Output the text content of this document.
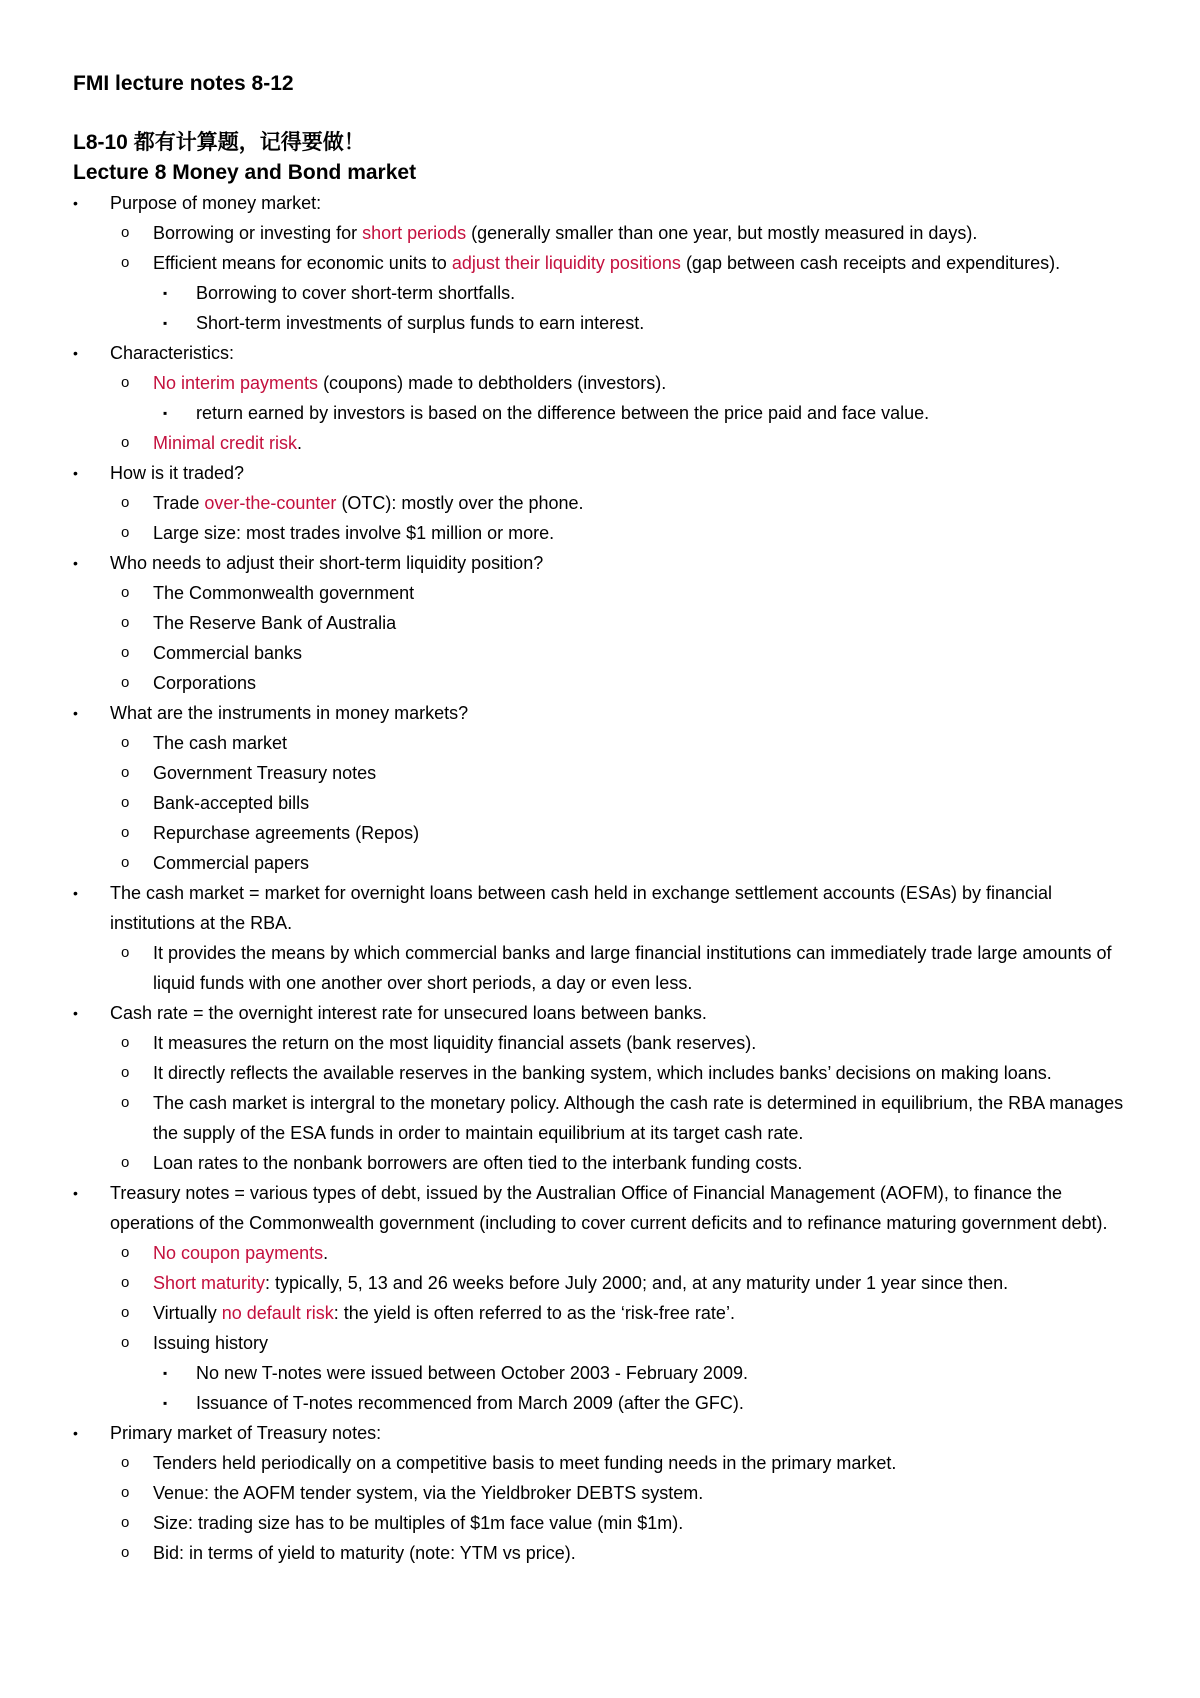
FMI lecture notes 8-12
L8-10 都有计算题，记得要做！
Lecture 8 Money and Bond market
• Purpose of money market:
o Borrowing or investing for short periods (generally smaller than one year, but mostly measured in days).
o Efficient means for economic units to adjust their liquidity positions (gap between cash receipts and expenditures).
▪ Borrowing to cover short-term shortfalls.
▪ Short-term investments of surplus funds to earn interest.
• Characteristics:
o No interim payments (coupons) made to debtholders (investors).
▪ return earned by investors is based on the difference between the price paid and face value.
o Minimal credit risk.
• How is it traded?
o Trade over-the-counter (OTC): mostly over the phone.
o Large size: most trades involve $1 million or more.
• Who needs to adjust their short-term liquidity position?
o The Commonwealth government
o The Reserve Bank of Australia
o Commercial banks
o Corporations
• What are the instruments in money markets?
o The cash market
o Government Treasury notes
o Bank-accepted bills
o Repurchase agreements (Repos)
o Commercial papers
• The cash market = market for overnight loans between cash held in exchange settlement accounts (ESAs) by financial institutions at the RBA.
o It provides the means by which commercial banks and large financial institutions can immediately trade large amounts of liquid funds with one another over short periods, a day or even less.
• Cash rate = the overnight interest rate for unsecured loans between banks.
o It measures the return on the most liquidity financial assets (bank reserves).
o It directly reflects the available reserves in the banking system, which includes banks’ decisions on making loans.
o The cash market is intergral to the monetary policy. Although the cash rate is determined in equilibrium, the RBA manages the supply of the ESA funds in order to maintain equilibrium at its target cash rate.
o Loan rates to the nonbank borrowers are often tied to the interbank funding costs.
• Treasury notes = various types of debt, issued by the Australian Office of Financial Management (AOFM), to finance the operations of the Commonwealth government (including to cover current deficits and to refinance maturing government debt).
o No coupon payments.
o Short maturity: typically, 5, 13 and 26 weeks before July 2000; and, at any maturity under 1 year since then.
o Virtually no default risk: the yield is often referred to as the ‘risk-free rate’.
o Issuing history
▪ No new T-notes were issued between October 2003 - February 2009.
▪ Issuance of T-notes recommenced from March 2009 (after the GFC).
• Primary market of Treasury notes:
o Tenders held periodically on a competitive basis to meet funding needs in the primary market.
o Venue: the AOFM tender system, via the Yieldbroker DEBTS system.
o Size: trading size has to be multiples of $1m face value (min $1m).
o Bid: in terms of yield to maturity (note: YTM vs price).
